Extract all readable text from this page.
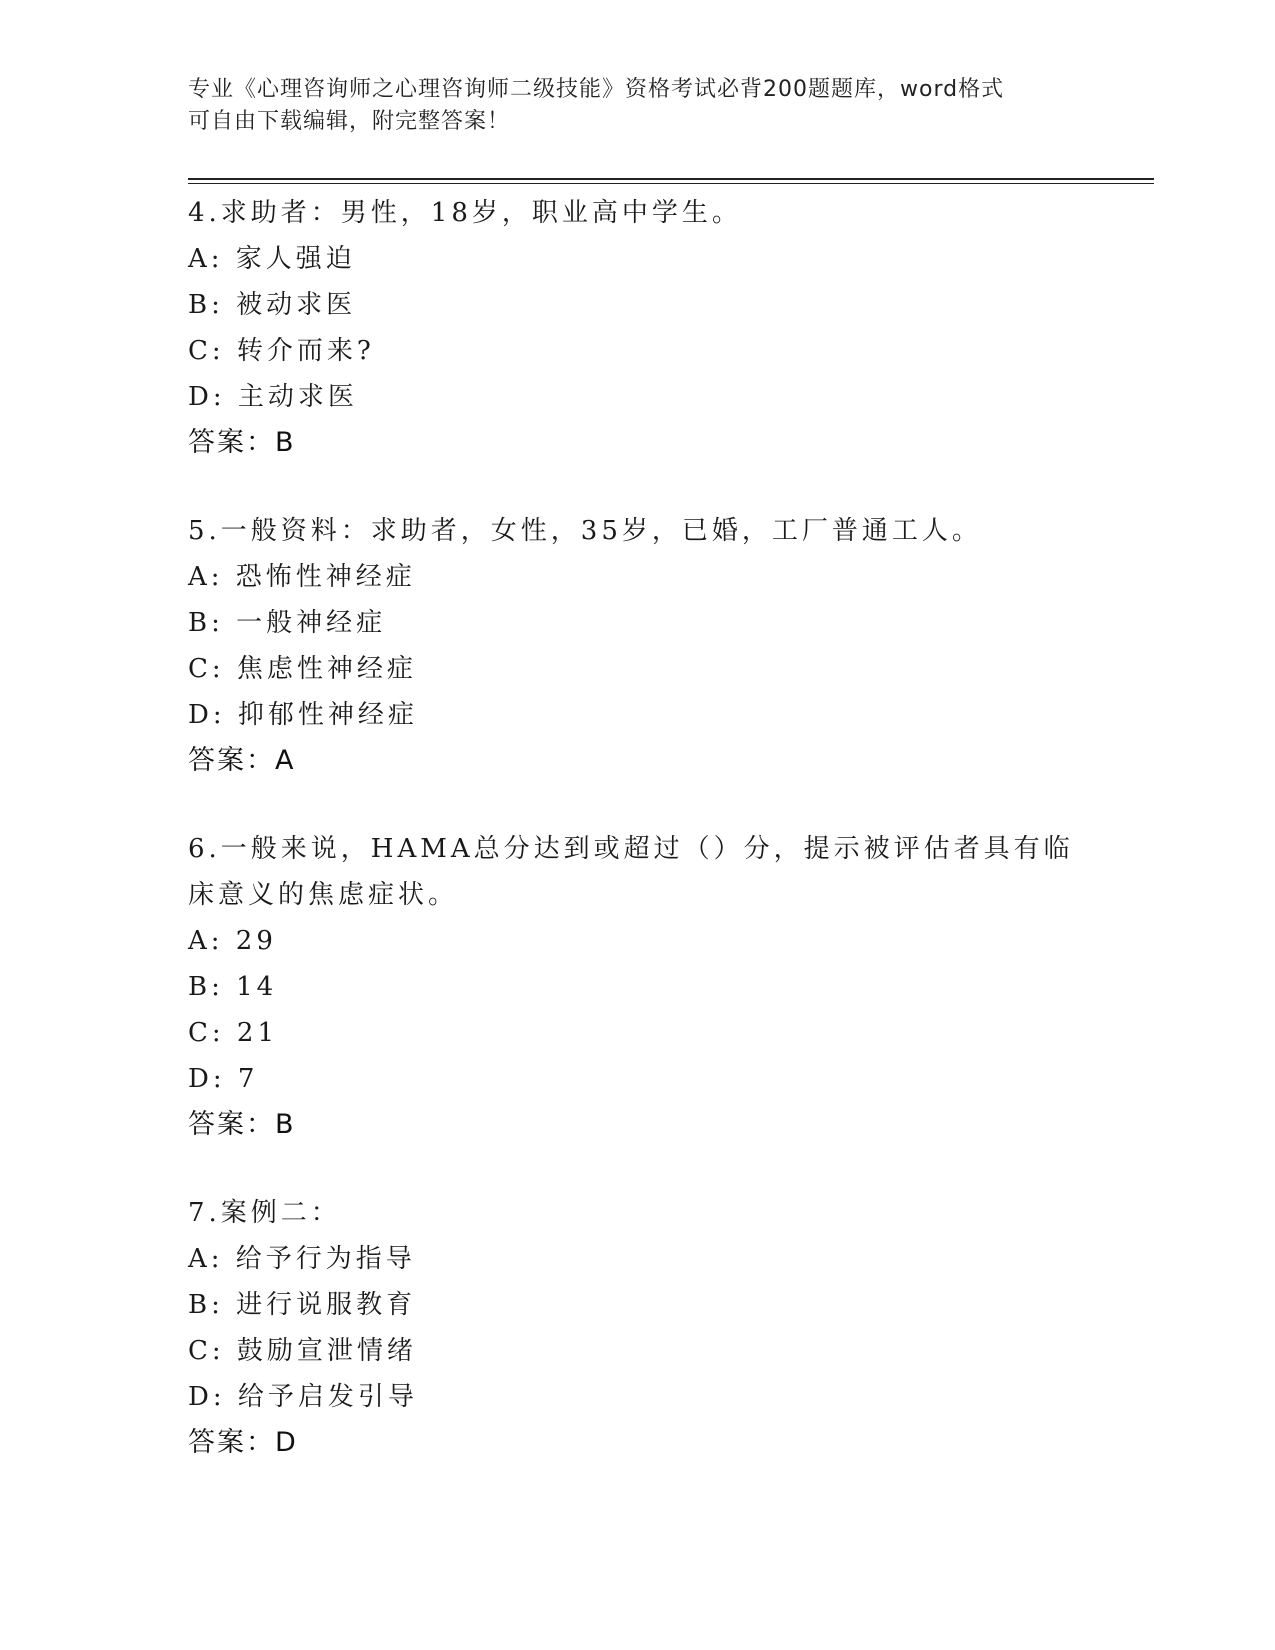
专业《心理咨询师之心理咨询师二级技能》资格考试必背200题题库，word格式
可自由下载编辑，附完整答案！

4.求助者：男性，18岁，职业高中学生。

A: 家人强迫

B: 被动求医

C: 转介而来?

D: 主动求医

答案：B

5.一般资料：求助者，女性，35岁，已婚，工厂普通工人。

A: 恐怖性神经症

B: 一般神经症

C: 焦虑性神经症

D: 抑郁性神经症

答案：A

6.一般来说，HAMA总分达到或超过（）分，提示被评估者具有临床意义的焦虑症状。

A: 29

B: 14

C: 21

D: 7

答案：B

7.案例二：

A: 给予行为指导

B: 进行说服教育

C: 鼓励宣泄情绪

D: 给予启发引导

答案：D
